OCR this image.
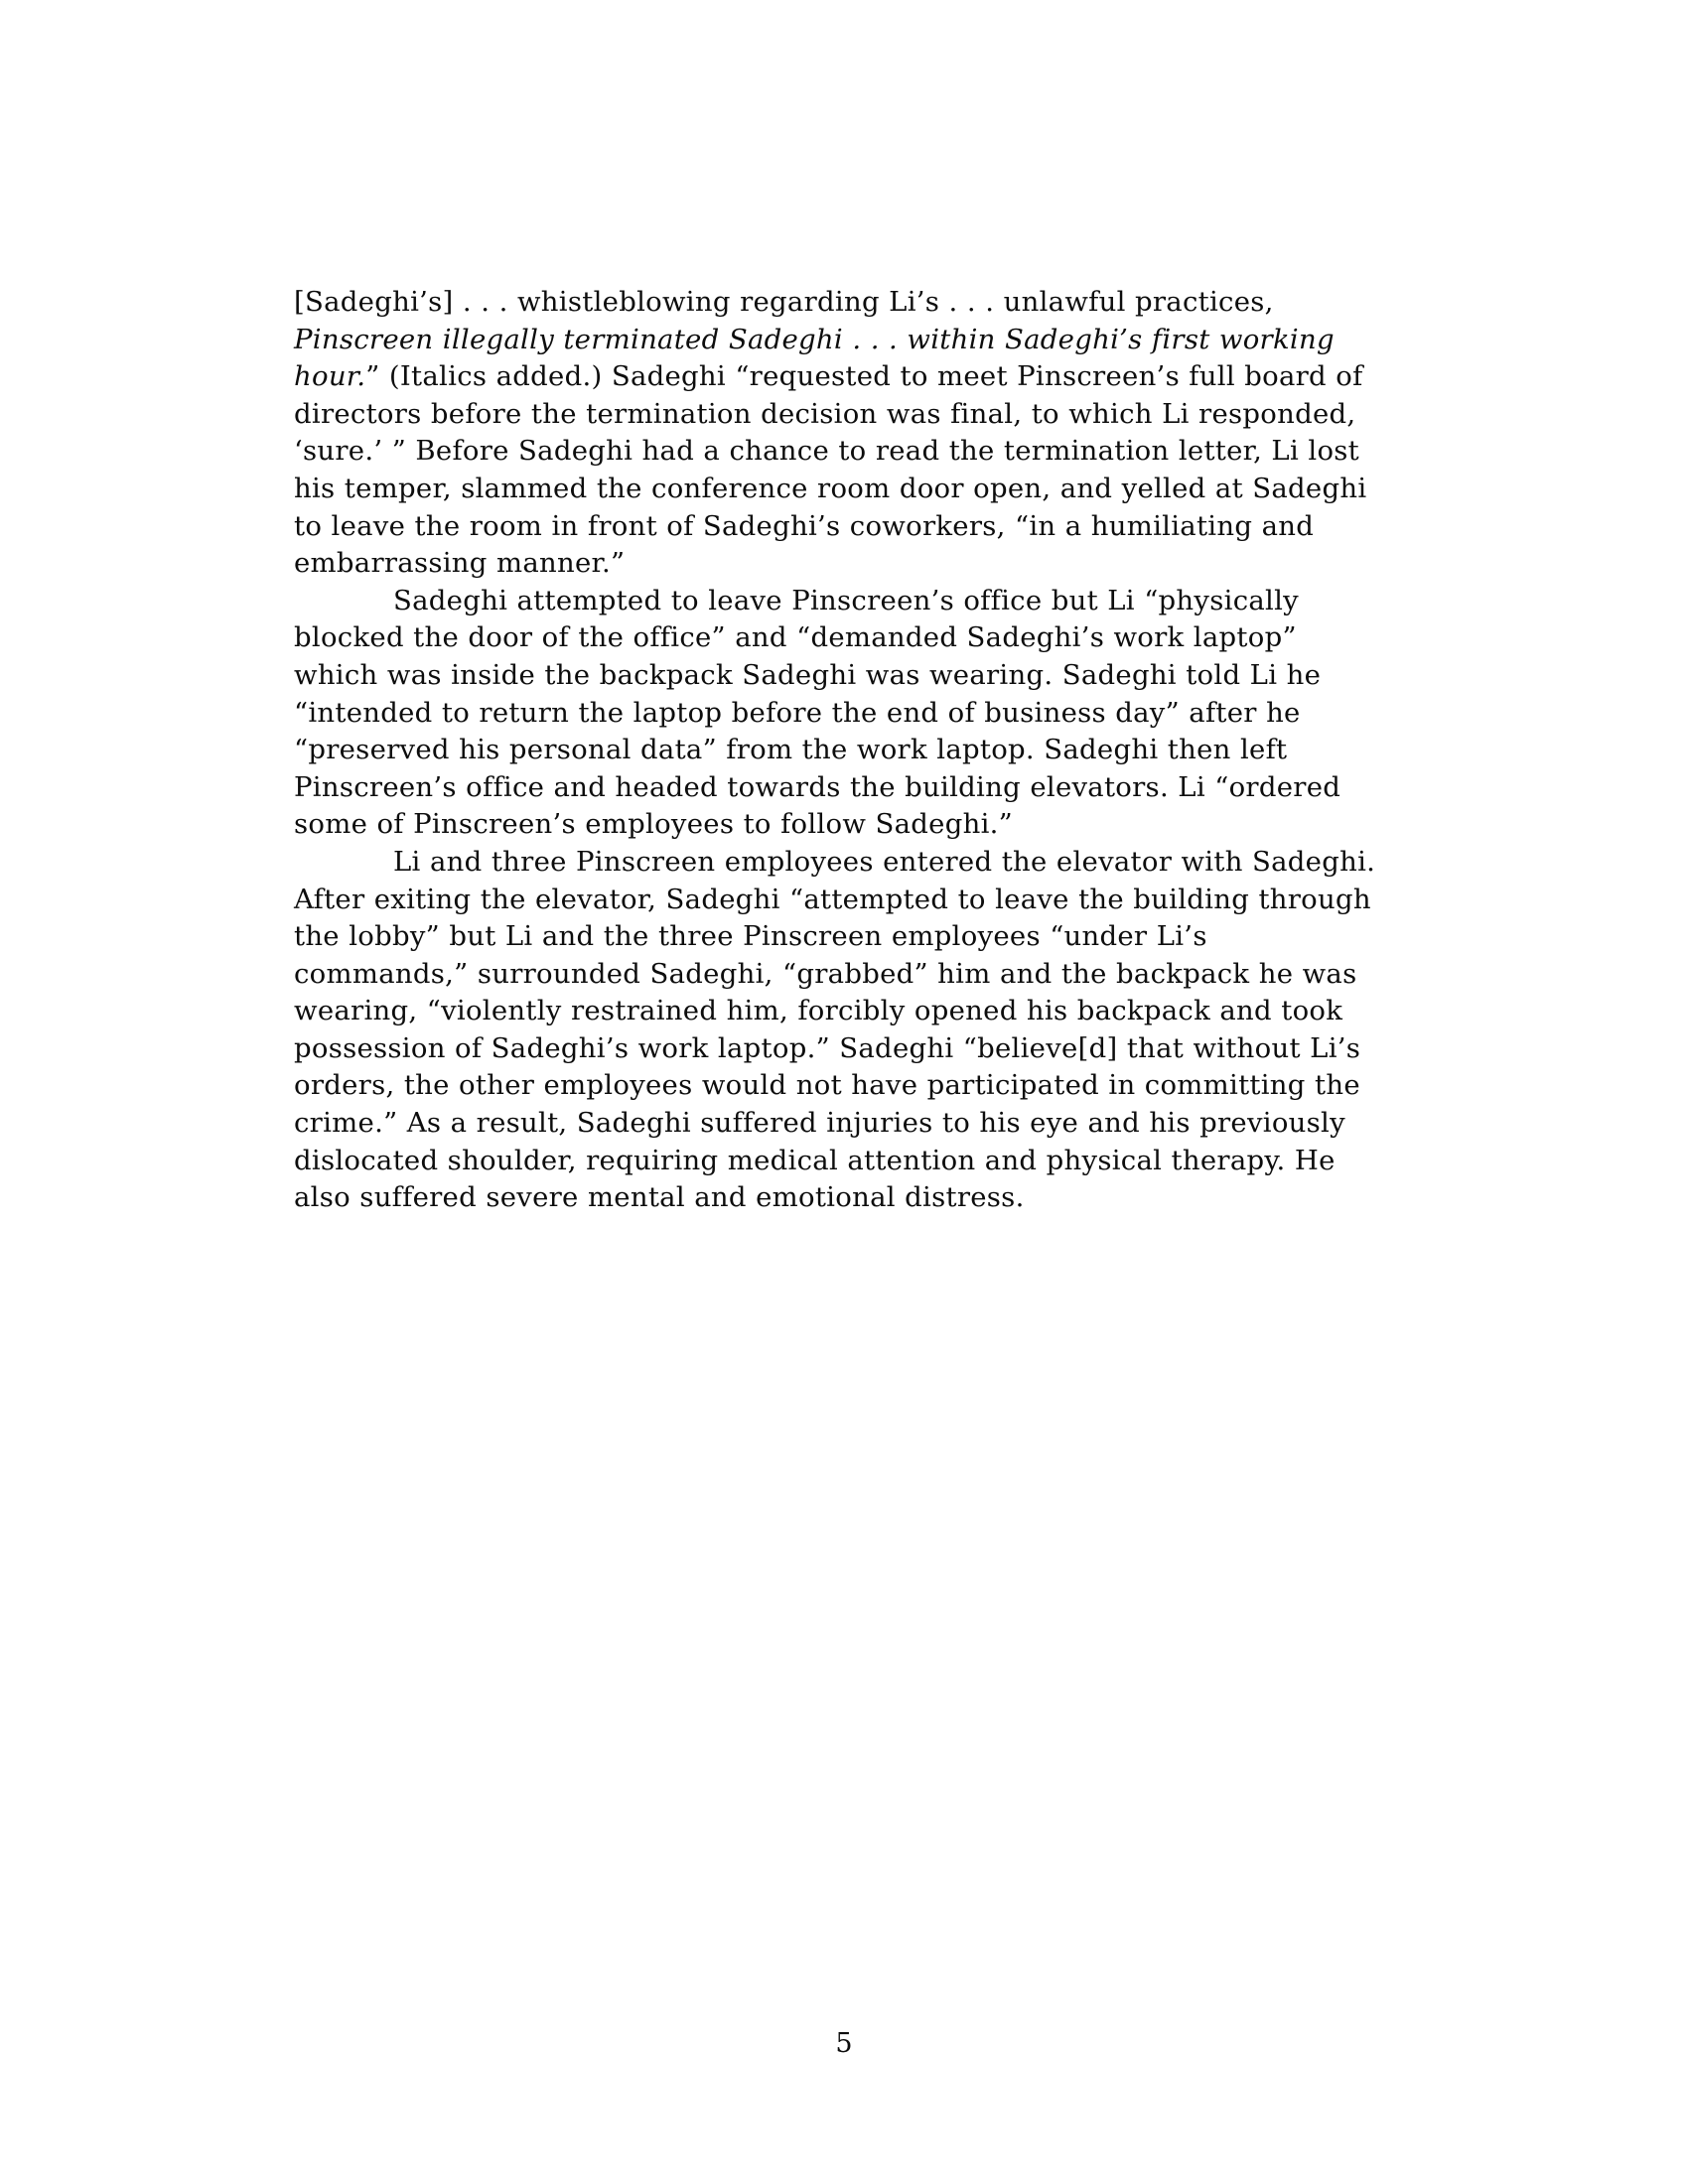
[Sadeghi’s] . . . whistleblowing regarding Li’s . . . unlawful practices, Pinscreen illegally terminated Sadeghi . . . within Sadeghi’s first working hour.” (Italics added.) Sadeghi “requested to meet Pinscreen’s full board of directors before the termination decision was final, to which Li responded, ‘sure.’ ” Before Sadeghi had a chance to read the termination letter, Li lost his temper, slammed the conference room door open, and yelled at Sadeghi to leave the room in front of Sadeghi’s coworkers, “in a humiliating and embarrassing manner.”

Sadeghi attempted to leave Pinscreen’s office but Li “physically blocked the door of the office” and “demanded Sadeghi’s work laptop” which was inside the backpack Sadeghi was wearing. Sadeghi told Li he “intended to return the laptop before the end of business day” after he “preserved his personal data” from the work laptop. Sadeghi then left Pinscreen’s office and headed towards the building elevators. Li “ordered some of Pinscreen’s employees to follow Sadeghi.”

Li and three Pinscreen employees entered the elevator with Sadeghi. After exiting the elevator, Sadeghi “attempted to leave the building through the lobby” but Li and the three Pinscreen employees “under Li’s commands,” surrounded Sadeghi, “grabbed” him and the backpack he was wearing, “violently restrained him, forcibly opened his backpack and took possession of Sadeghi’s work laptop.” Sadeghi “believe[d] that without Li’s orders, the other employees would not have participated in committing the crime.” As a result, Sadeghi suffered injuries to his eye and his previously dislocated shoulder, requiring medical attention and physical therapy. He also suffered severe mental and emotional distress.

5
